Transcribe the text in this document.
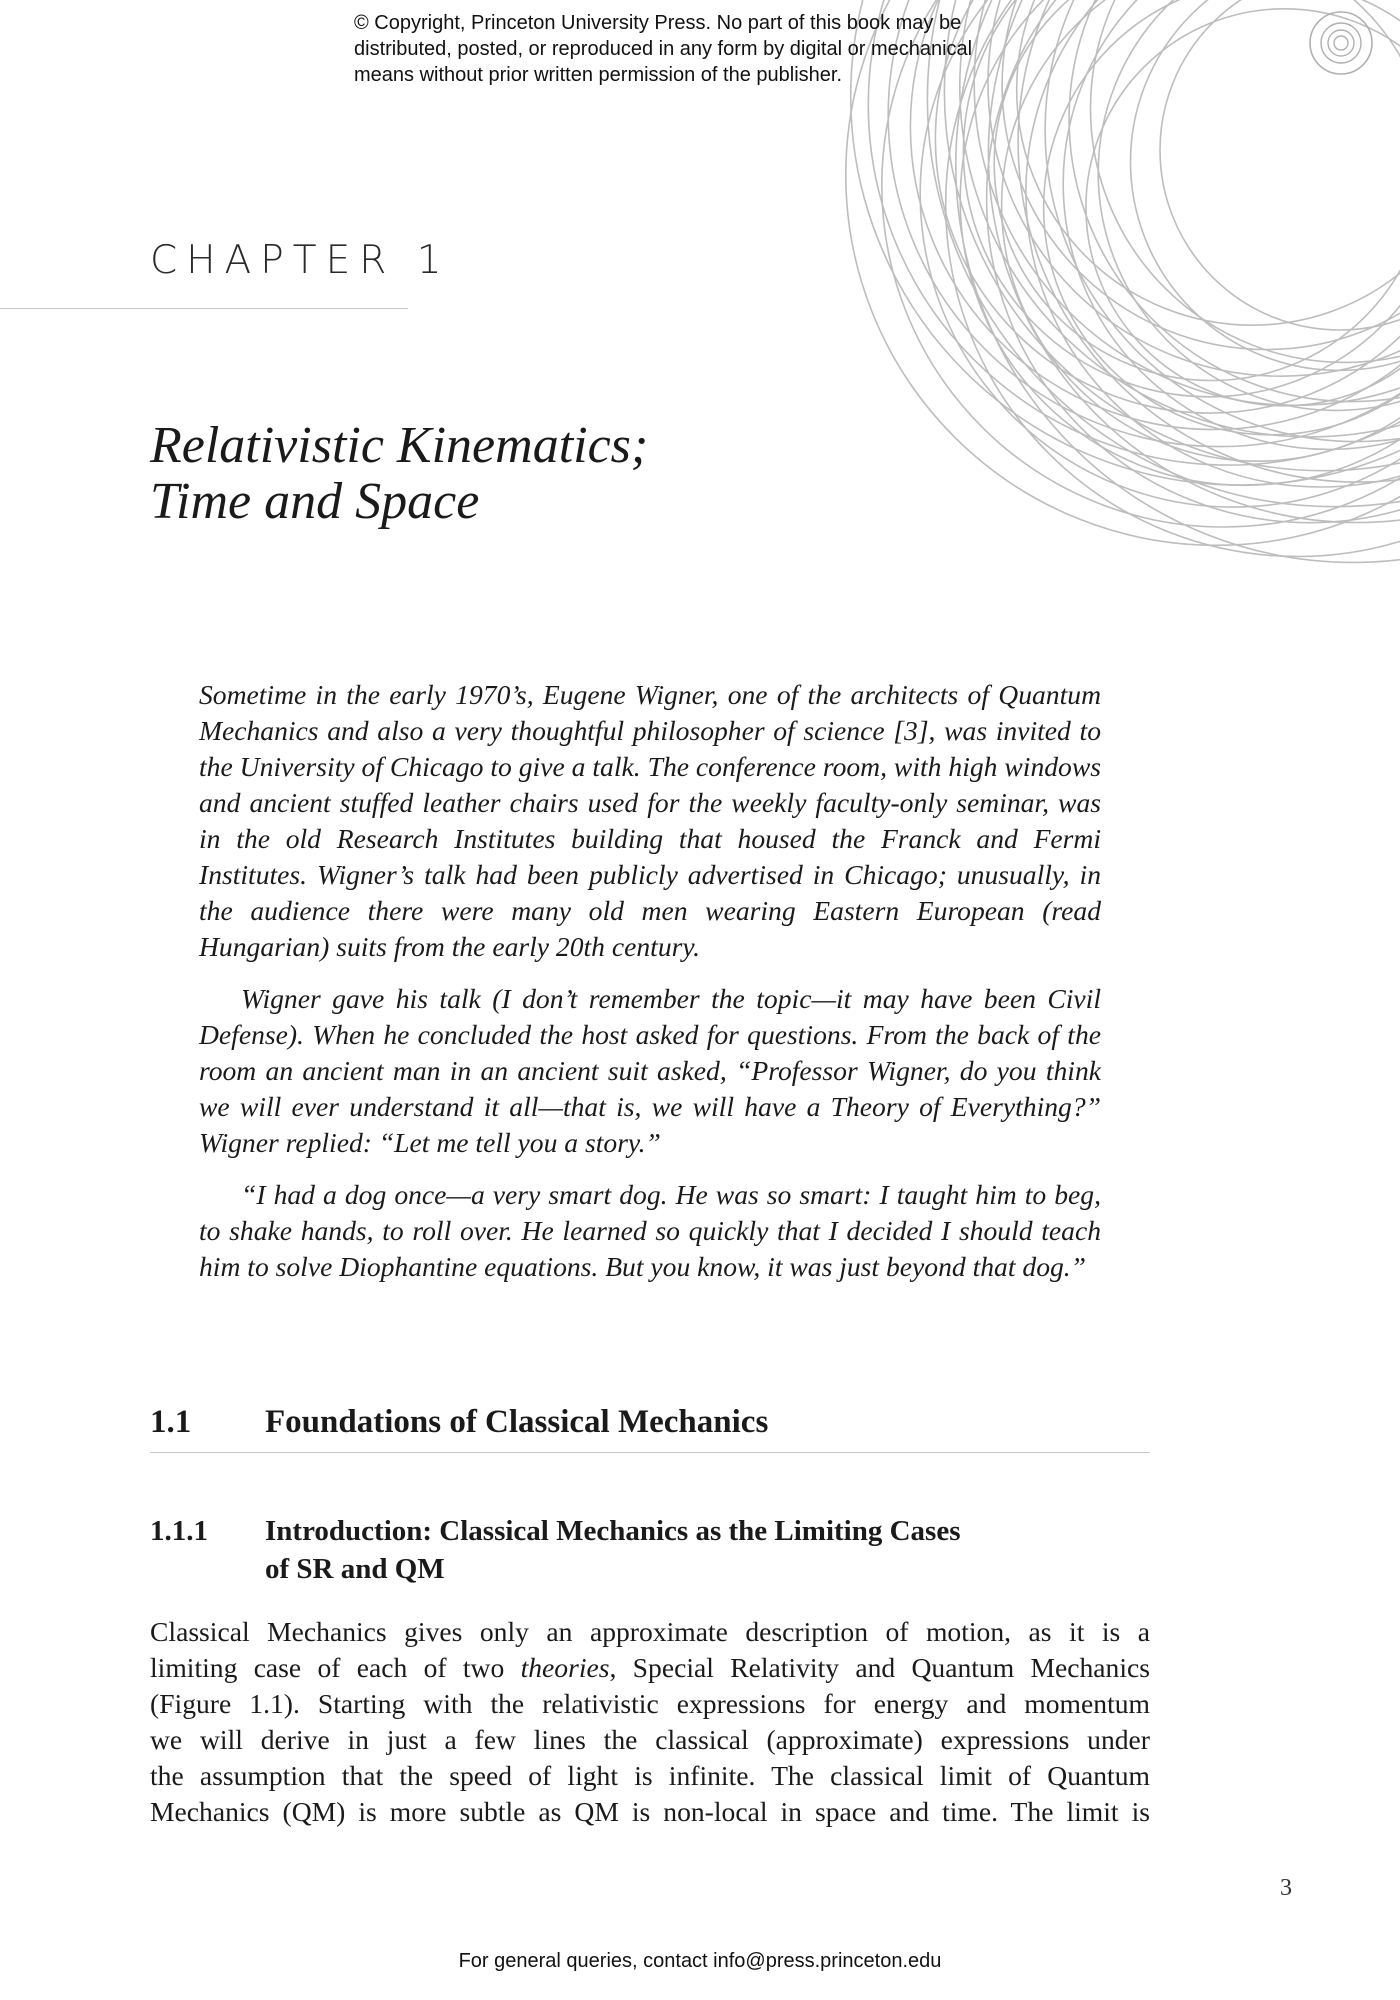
© Copyright, Princeton University Press. No part of this book may be
distributed, posted, or reproduced in any form by digital or mechanical
means without prior written permission of the publisher.
CHAPTER 1
Relativistic Kinematics;
Time and Space

Sometime in the early 1970’s, Eugene Wigner, one of the architects of Quantum Mechanics and also a very thoughtful philosopher of science [3], was invited to the University of Chicago to give a talk. The conference room, with high windows and ancient stuffed leather chairs used for the weekly faculty-only seminar, was in the old Research Institutes building that housed the Franck and Fermi Institutes. Wigner’s talk had been publicly advertised in Chicago; unusually, in the audience there were many old men wearing Eastern European (read Hungarian) suits from the early 20th century.

Wigner gave his talk (I don’t remember the topic—it may have been Civil Defense). When he concluded the host asked for questions. From the back of the room an ancient man in an ancient suit asked, “Professor Wigner, do you think we will ever understand it all—that is, we will have a Theory of Everything?” Wigner replied: “Let me tell you a story.”

“I had a dog once—a very smart dog. He was so smart: I taught him to beg, to shake hands, to roll over. He learned so quickly that I decided I should teach him to solve Diophantine equations. But you know, it was just beyond that dog.”

1.1 Foundations of Classical Mechanics
1.1.1 Introduction: Classical Mechanics as the Limiting Cases
of SR and QM
Classical Mechanics gives only an approximate description of motion, as it is a
limiting case of each of two theories, Special Relativity and Quantum Mechanics
(Figure 1.1). Starting with the relativistic expressions for energy and momentum
we will derive in just a few lines the classical (approximate) expressions under
the assumption that the speed of light is infinite. The classical limit of Quantum
Mechanics (QM) is more subtle as QM is non-local in space and time. The limit is
3
For general queries, contact info@press.princeton.edu
